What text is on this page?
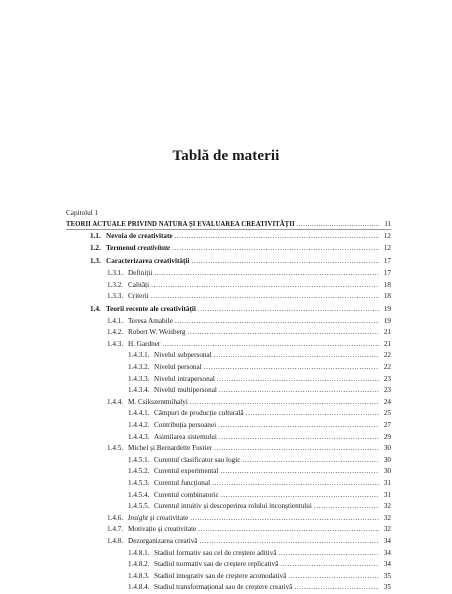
Tablă de materii
Capitolul 1
TEORII ACTUALE PRIVIND NATURA ȘI EVALUAREA CREATIVITĂȚII . . .	11
1.1. Nevoia de creativitate . . .	12
1.2. Termenul creativitate . . .	12
1.3. Caracterizarea creativității . . .	17
1.3.1. Definiții . . .	17
1.3.2. Calități . . .	18
1.3.3. Criterii . . .	18
1.4. Teorii recente ale creativității . . .	19
1.4.1. Teresa Amabile . . .	19
1.4.2. Robert W. Weisberg . . .	21
1.4.3. H. Gardner . . .	21
1.4.3.1. Nivelul subpersonal . . .	22
1.4.3.2. Nivelul personal . . .	22
1.4.3.3. Nivelul intrapersonal . . .	23
1.4.3.4. Nivelul multipersonal . . .	23
1.4.4. M. Csikszentmihalyi . . .	24
1.4.4.1. Câmpuri de producție culturală . . .	25
1.4.4.2. Contribuția persoanei . . .	27
1.4.4.3. Asimilarea sistemului . . .	29
1.4.5. Michel și Bernardette Fustier . . .	30
1.4.5.1. Curentul clasificator sau logic . . .	30
1.4.5.2. Curentul experimental . . .	30
1.4.5.3. Curentul funcțional . . .	31
1.4.5.4. Curentul combinatoric . . .	31
1.4.5.5. Curentul intuitiv și descoperirea rolului inconștientului . . .	32
1.4.6. Insight și creativitate . . .	32
1.4.7. Motivație și creativitate . . .	32
1.4.8. Dezorganizarea creativă . . .	34
1.4.8.1. Stadiul formativ sau cel de creștere aditivă . . .	34
1.4.8.2. Stadiul normativ sau de creștere replicativă . . .	34
1.4.8.3. Stadiul integrativ sau de creștere acomodativă . . .	35
1.4.8.4. Stadiul transformațional sau de creștere creativă . . .	35
